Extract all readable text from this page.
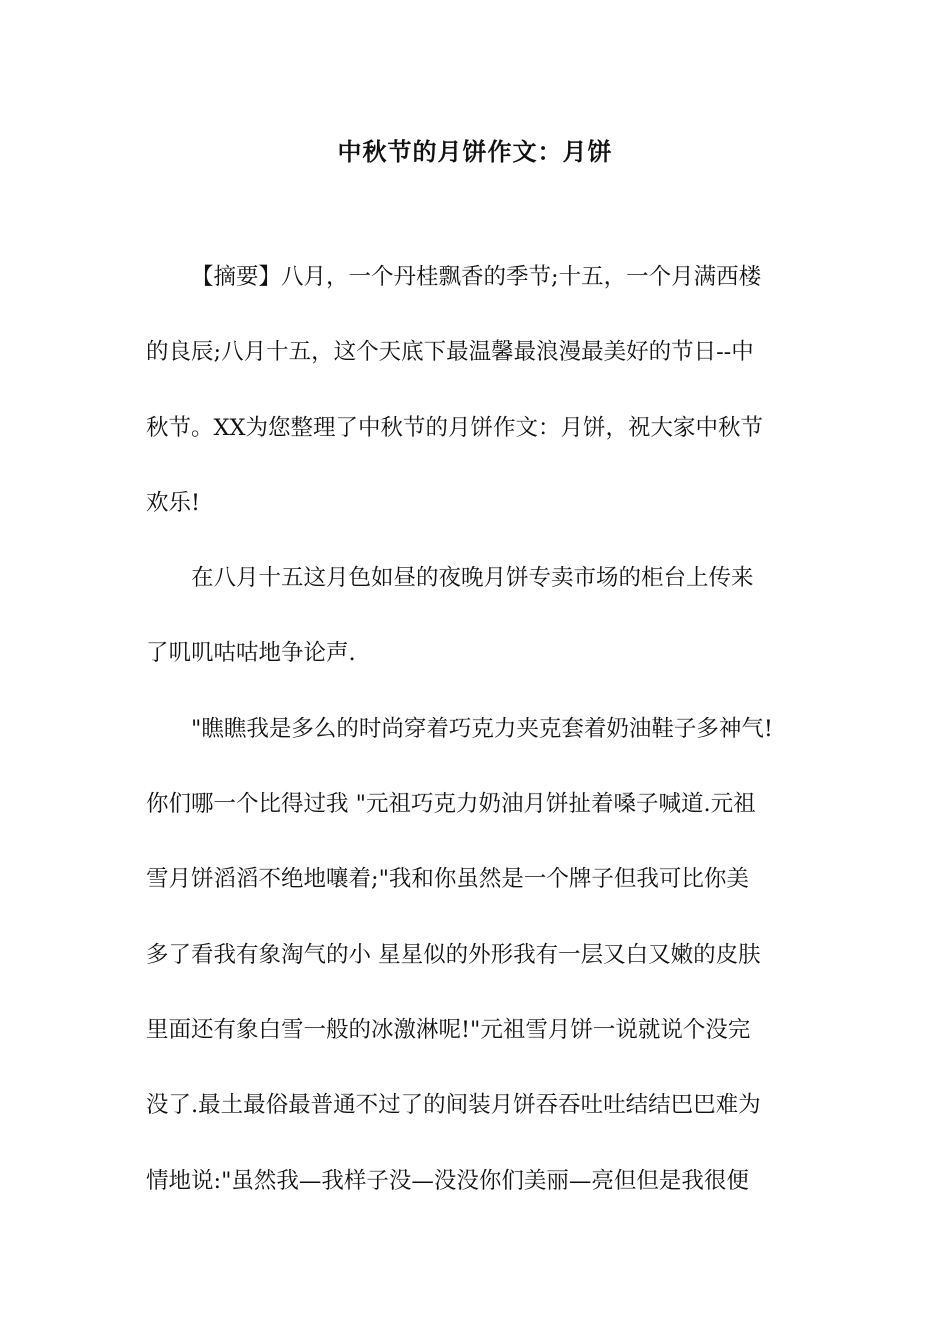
中秋节的月饼作文：月饼
【摘要】八月，一个丹桂飘香的季节;十五，一个月满西楼
的良辰;八月十五，这个天底下最温馨最浪漫最美好的节日--中
秋节。XX为您整理了中秋节的月饼作文：月饼，祝大家中秋节
欢乐!
在八月十五这月色如昼的夜晚月饼专卖市场的柜台上传来
了叽叽咕咕地争论声.
"瞧瞧我是多么的时尚穿着巧克力夹克套着奶油鞋子多神气!
你们哪一个比得过我 "元祖巧克力奶油月饼扯着嗓子喊道.元祖
雪月饼滔滔不绝地嚷着;"我和你虽然是一个牌子但我可比你美
多了看我有象淘气的小 星星似的外形我有一层又白又嫩的皮肤
里面还有象白雪一般的冰激淋呢!"元祖雪月饼一说就说个没完
没了.最土最俗最普通不过了的间装月饼吞吞吐吐结结巴巴难为
情地说:"虽然我—我样子没—没没你们美丽—亮但但是我很便
